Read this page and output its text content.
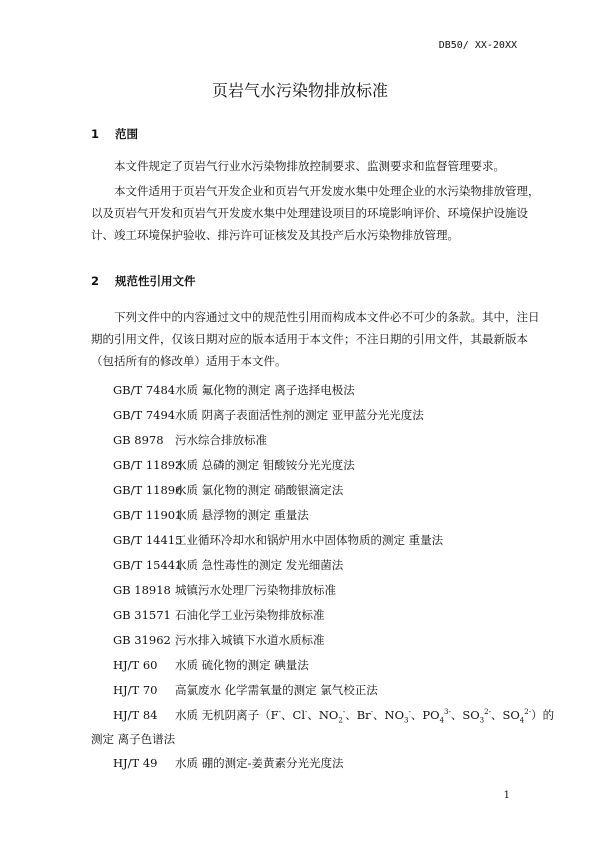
DB50/ XX-20XX
页岩气水污染物排放标准
1 范围
本文件规定了页岩气行业水污染物排放控制要求、监测要求和监督管理要求。
本文件适用于页岩气开发企业和页岩气开发废水集中处理企业的水污染物排放管理，
以及页岩气开发和页岩气开发废水集中处理建设项目的环境影响评价、环境保护设施设
计、竣工环境保护验收、排污许可证核发及其投产后水污染物排放管理。
2 规范性引用文件
下列文件中的内容通过文中的规范性引用而构成本文件必不可少的条款。其中，注日
期的引用文件，仅该日期对应的版本适用于本文件；不注日期的引用文件，其最新版本
（包括所有的修改单）适用于本文件。
GB/T 7484水质 氟化物的测定 离子选择电极法
GB/T 7494水质 阴离子表面活性剂的测定 亚甲蓝分光光度法
GB 8978 污水综合排放标准
GB/T 11893水质 总磷的测定 钼酸铵分光光度法
GB/T 11896水质 氯化物的测定 硝酸银滴定法
GB/T 11901水质 悬浮物的测定 重量法
GB/T 14415工业循环冷却水和锅炉用水中固体物质的测定 重量法
GB/T 15441水质 急性毒性的测定 发光细菌法
GB 18918 城镇污水处理厂污染物排放标准
GB 31571 石油化学工业污染物排放标准
GB 31962 污水排入城镇下水道水质标准
HJ/T 60 水质 硫化物的测定 碘量法
HJ/T 70 高氯废水 化学需氧量的测定 氯气校正法
HJ/T 84 水质 无机阴离子（F-、Cl-、$NO_2^-$、Br-、$NO_3^-$、$PO_4^{3-}$、$SO_3^{2-}$、$SO_4^{2-}$）的
测定 离子色谱法
HJ/T 49 水质 硼的测定-姜黄素分光光度法
1
